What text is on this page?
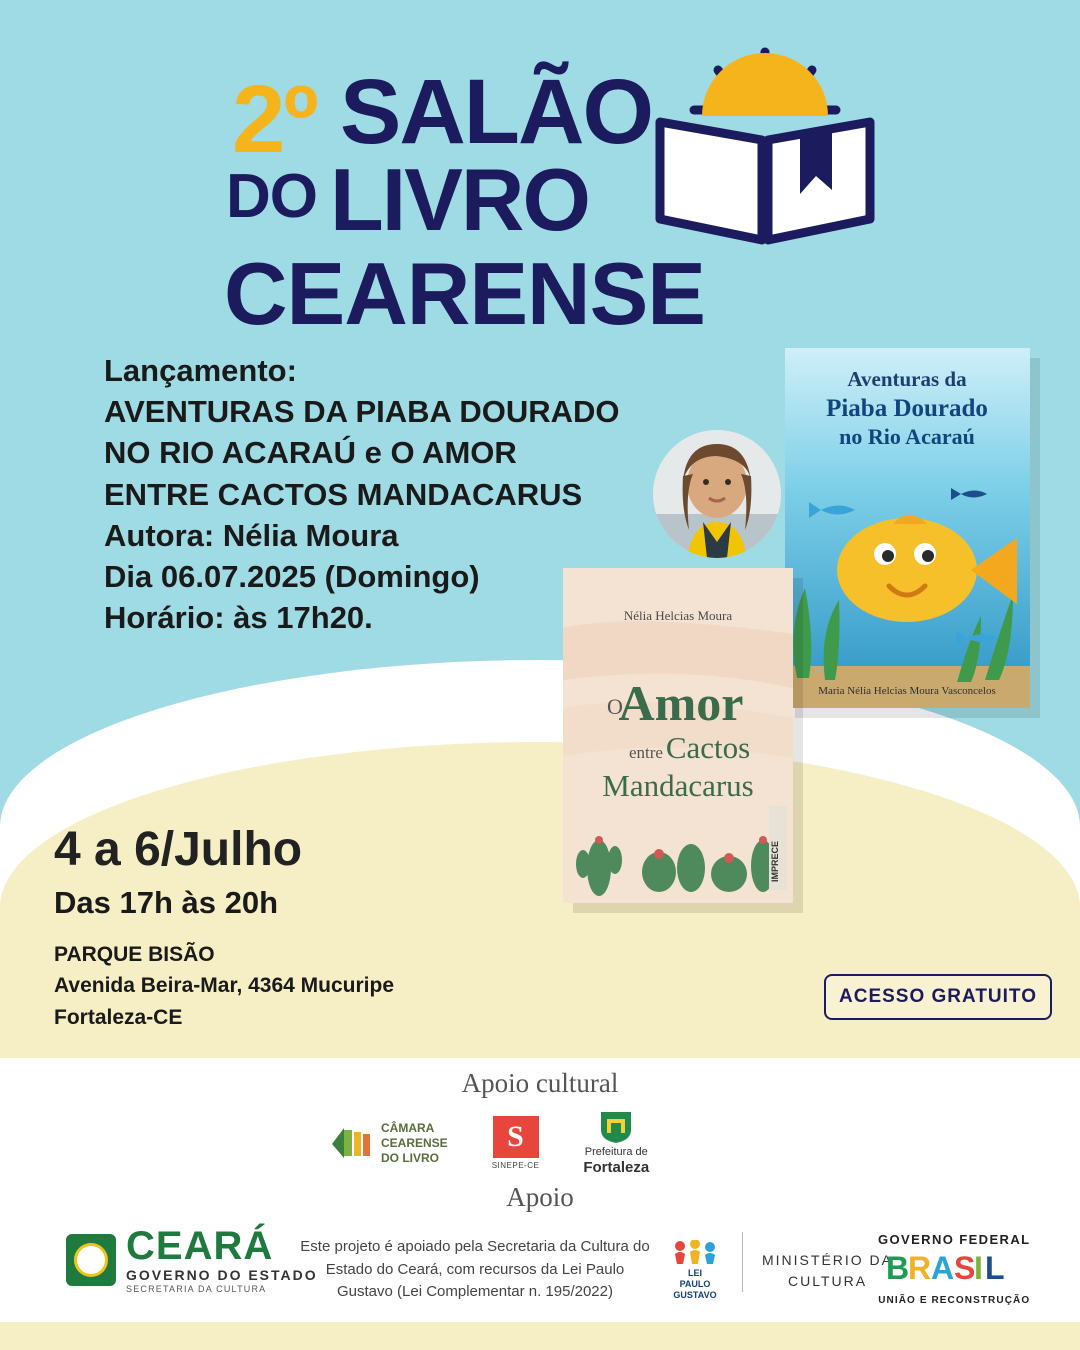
2º SALÃO
DO LIVRO
CEARENSE
Lançamento:
AVENTURAS DA PIABA DOURADO
NO RIO ACARAÚ e O AMOR
ENTRE CACTOS MANDACARUS
Autora: Nélia Moura
Dia 06.07.2025 (Domingo)
Horário: às 17h20.
Aventuras da
Piaba Dourado
no Rio Acaraú
Maria Nélia Helcias Moura Vasconcelos
Nélia Helcias Moura
O
Amor
entre Cactos
Mandacarus
IMPRECE
4 a 6/Julho
Das 17h às 20h
PARQUE BISÃO
Avenida Beira-Mar, 4364 Mucuripe
Fortaleza-CE
ACESSO GRATUITO
Apoio cultural
CÂMARA
CEARENSE
DO LIVRO
S
SINEPE-CE
Prefeitura de
Fortaleza
Apoio
CEARÁ
GOVERNO DO ESTADO
SECRETARIA DA CULTURA
Este projeto é apoiado pela Secretaria da Cultura do Estado do Ceará, com recursos da Lei Paulo Gustavo (Lei Complementar n. 195/2022)
LEI
PAULO
GUSTAVO
MINISTÉRIO DA
CULTURA
GOVERNO FEDERAL
B R A S I L
UNIÃO E RECONSTRUÇÃO
